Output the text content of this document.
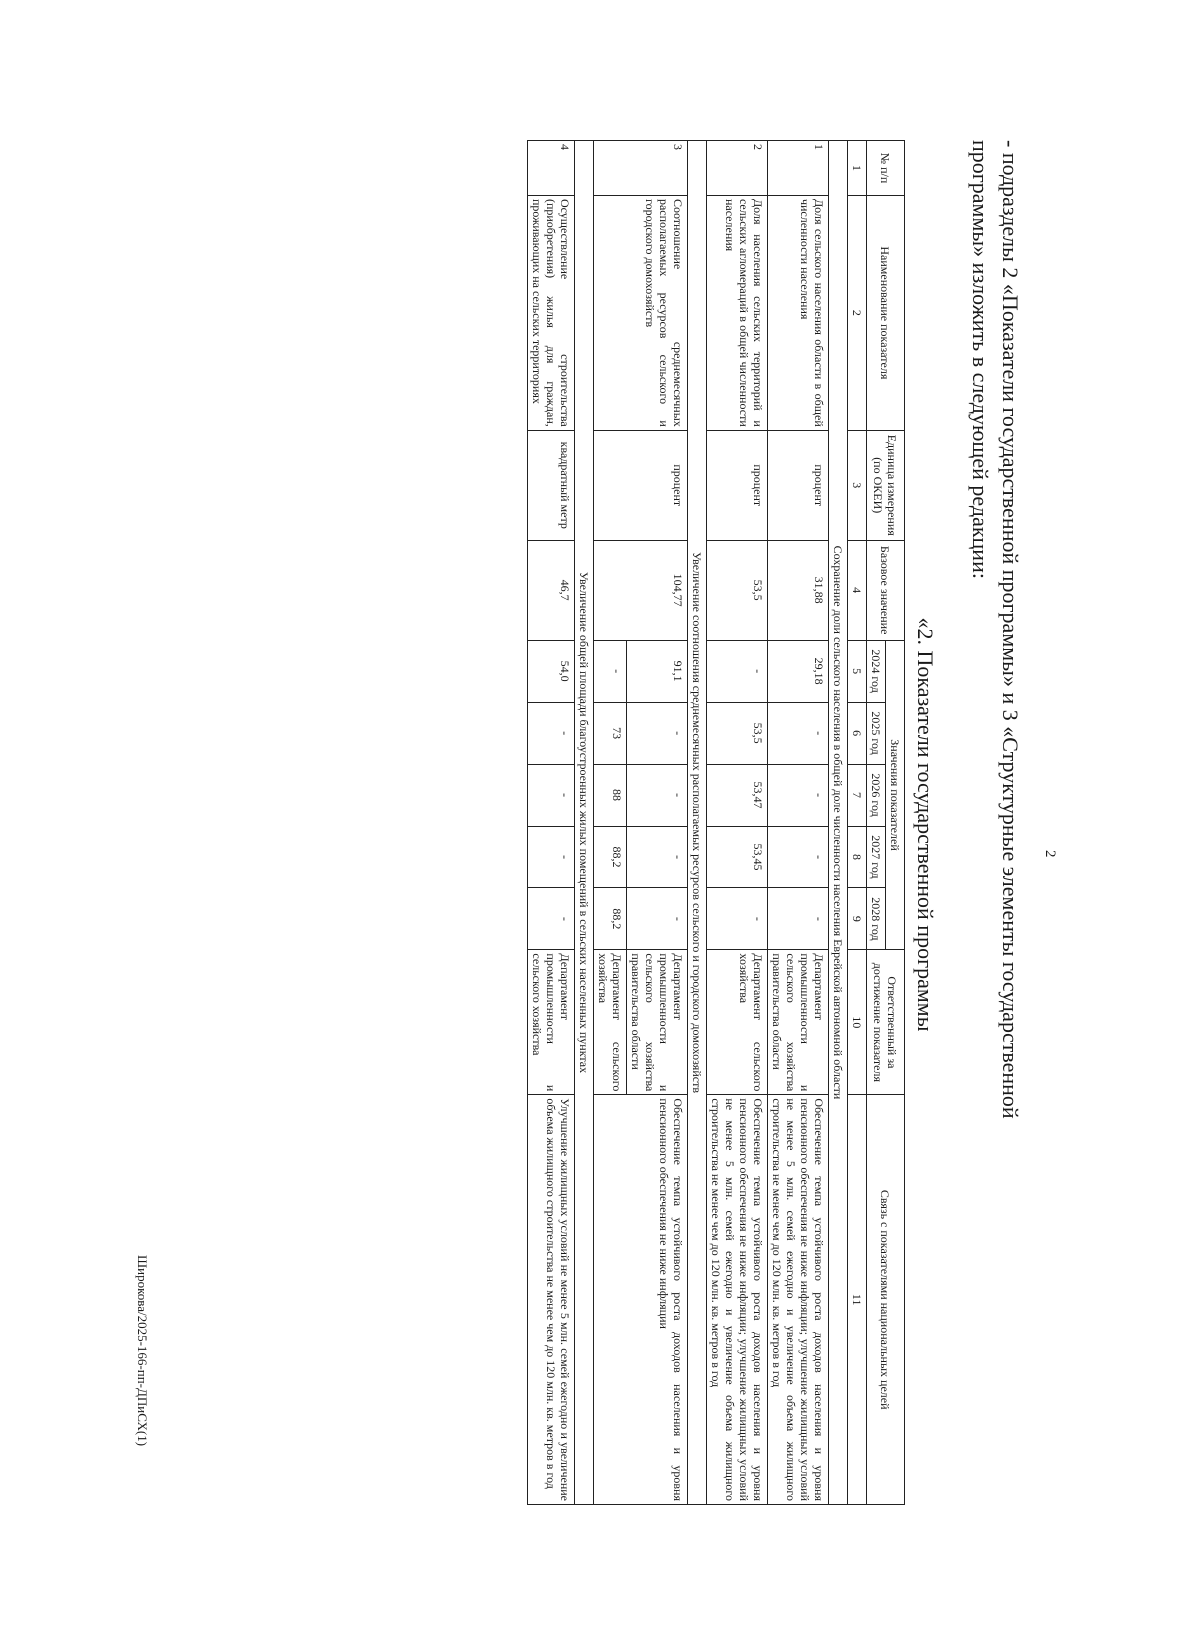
2
- подразделы 2 «Показатели государственной программы» и 3 «Структурные элементы государственной
программы» изложить в следующей редакции:
«2. Показатели государственной программы
№ п/п	Наименование показателя	Единица измерения (по ОКЕИ)	Базовое значение	Значения показателей					Ответственный за достижение показателя	Связь с показателями национальных целей
				2024 год	2025 год	2026 год	2027 год	2028 год		
1	2	3	4	5	6	7	8	9	10	11
Сохранение доли сельского населения в общей доле численности населения Еврейской автономной области										
1	Доля сельского населения области в общей численности населения	процент	31,88	29,18	-	-	-	-	Департамент промышленности и сельского хозяйства правительства области	Обеспечение темпа устойчивого роста доходов населения и уровня пенсионного обеспечения не ниже инфляции; улучшение жилищных условий не менее 5 млн. семей ежегодно и увеличение объема жилищного строительства не менее чем до 120 млн. кв. метров в год
2	Доля населения сельских территорий и сельских агломераций в общей численности населения	процент	53,5	-	53,5	53,47	53,45	-	Департамент сельского хозяйства	Обеспечение темпа устойчивого роста доходов населения и уровня пенсионного обеспечения не ниже инфляции; улучшение жилищных условий не менее 5 млн. семей ежегодно и увеличение объема жилищного строительства не менее чем до 120 млн. кв. метров в год
Увеличение соотношения среднемесячных располагаемых ресурсов сельского и городского домохозяйств										
3	Соотношение среднемесячных располагаемых ресурсов сельского и городского домохозяйств	процент	104,77	91,1	-	-	-	-	Департамент промышленности и сельского хозяйства правительства области	Обеспечение темпа устойчивого роста доходов населения и уровня пенсионного обеспечения не ниже инфляции
				-	73	88	88,2	88,2	Департамент сельского хозяйства	
Увеличение общей площади благоустроенных жилых помещений в сельских населенных пунктах										
4	Осуществление строительства (приобретения) жилья для граждан, проживающих на сельских территориях	квадратный метр	46,7	54,0	-	-	-	-	Департамент промышленности и сельского хозяйства	Улучшение жилищных условий не менее 5 млн. семей ежегодно и увеличение объема жилищного строительства не менее чем до 120 млн. кв. метров в год
Широкова/2025-166-пп-ДПиСХ(1)
